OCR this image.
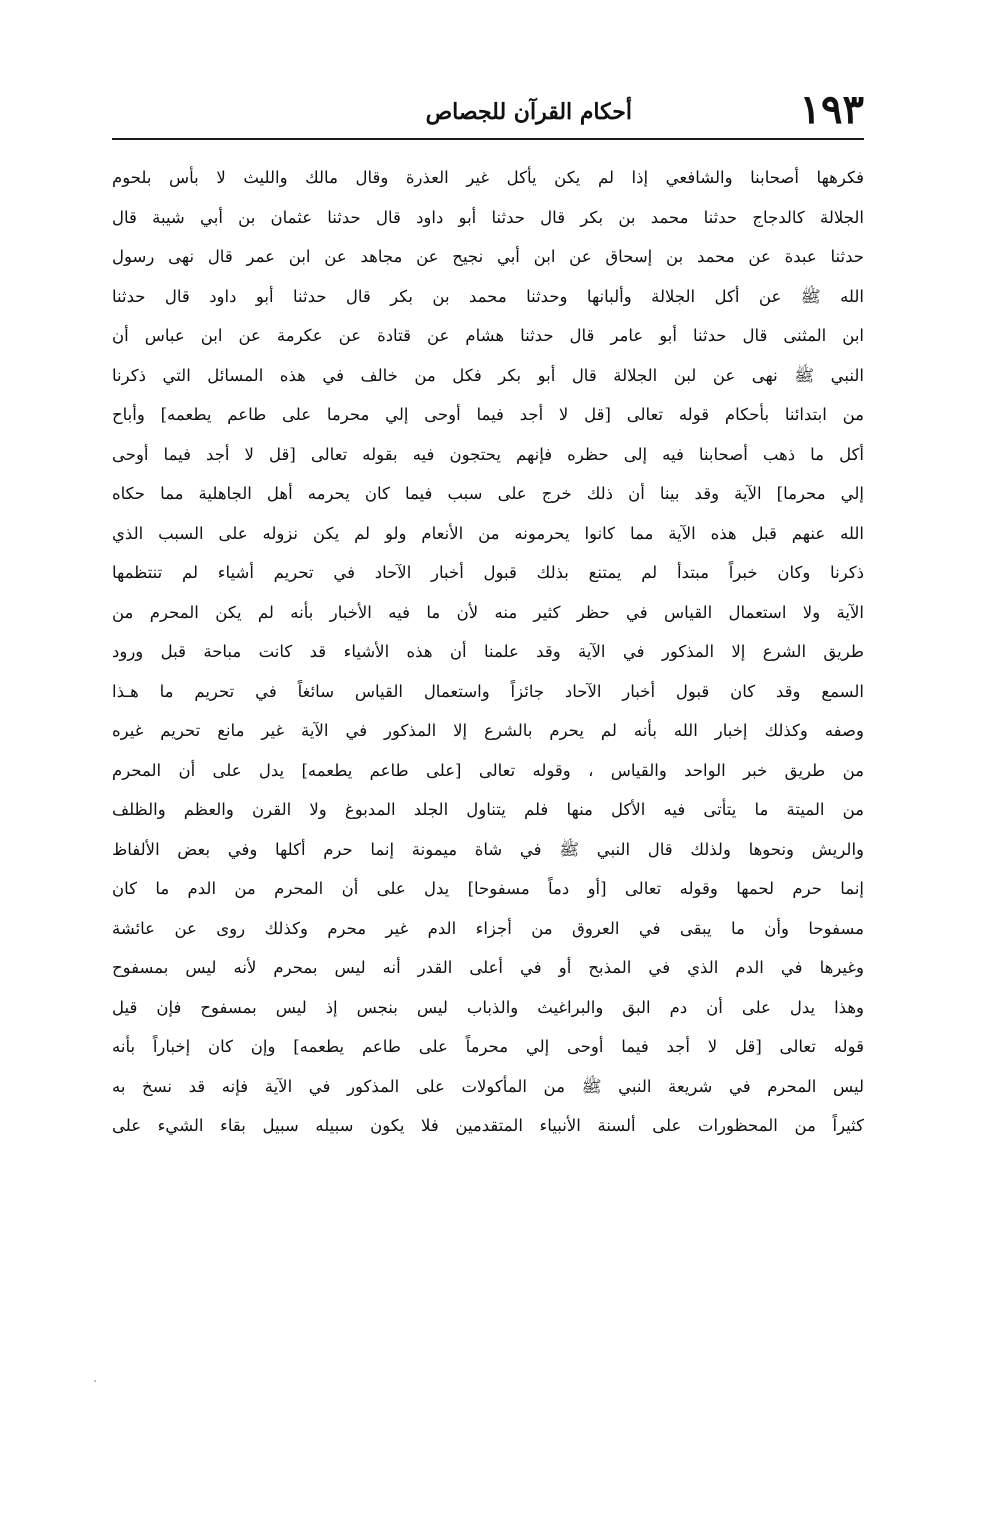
١٩٣
أحكام القرآن للجصاص
فكرهها أصحابنا والشافعي إذا لم يكن يأكل غير العذرة وقال مالك والليث لا بأس بلحوم
الجلالة كالدجاج حدثنا محمد بن بكر قال حدثنا أبو داود قال حدثنا عثمان بن أبي شيبة قال
حدثنا عبدة عن محمد بن إسحاق عن ابن أبي نجيح عن مجاهد عن ابن عمر قال نهى رسول
الله ﷺ عن أكل الجلالة وألبانها وحدثنا محمد بن بكر قال حدثنا أبو داود قال حدثنا
ابن المثنى قال حدثنا أبو عامر قال حدثنا هشام عن قتادة عن عكرمة عن ابن عباس أن
النبي ﷺ نهى عن لبن الجلالة قال أبو بكر فكل من خالف في هذه المسائل التي ذكرنا
من ابتدائنا بأحكام قوله تعالى [قل لا أجد فيما أوحى إلي محرما على طاعم يطعمه] وأباح
أكل ما ذهب أصحابنا فيه إلى حظره فإنهم يحتجون فيه بقوله تعالى [قل لا أجد فيما أوحى
إلي محرما] الآية وقد بينا أن ذلك خرج على سبب فيما كان يحرمه أهل الجاهلية مما حكاه
الله عنهم قبل هذه الآية مما كانوا يحرمونه من الأنعام ولو لم يكن نزوله على السبب الذي
ذكرنا وكان خبراً مبتدأ لم يمتنع بذلك قبول أخبار الآحاد في تحريم أشياء لم تنتظمها
الآية ولا استعمال القياس في حظر كثير منه لأن ما فيه الأخبار بأنه لم يكن المحرم من
طريق الشرع إلا المذكور في الآية وقد علمنا أن هذه الأشياء قد كانت مباحة قبل ورود
السمع وقد كان قبول أخبار الآحاد جائزاً واستعمال القياس سائغاً في تحريم ما هـذا
وصفه وكذلك إخبار الله بأنه لم يحرم بالشرع إلا المذكور في الآية غير مانع تحريم غيره
من طريق خبر الواحد والقياس ، وقوله تعالى [على طاعم يطعمه] يدل على أن المحرم
من الميتة ما يتأتى فيه الأكل منها فلم يتناول الجلد المدبوغ ولا القرن والعظم والظلف
والريش ونحوها ولذلك قال النبي ﷺ في شاة ميمونة إنما حرم أكلها وفي بعض الألفاظ
إنما حرم لحمها وقوله تعالى [أو دماً مسفوحا] يدل على أن المحرم من الدم ما كان
مسفوحا وأن ما يبقى في العروق من أجزاء الدم غير محرم وكذلك روى عن عائشة
وغيرها في الدم الذي في المذبح أو في أعلى القدر أنه ليس بمحرم لأنه ليس بمسفوح
وهذا يدل على أن دم البق والبراغيث والذباب ليس بنجس إذ ليس بمسفوح فإن قيل
قوله تعالى [قل لا أجد فيما أوحى إلي محرماً على طاعم يطعمه] وإن كان إخباراً بأنه
ليس المحرم في شريعة النبي ﷺ من المأكولات على المذكور في الآية فإنه قد نسخ به
كثيراً من المحظورات على ألسنة الأنبياء المتقدمين فلا يكون سبيله سبيل بقاء الشيء على
